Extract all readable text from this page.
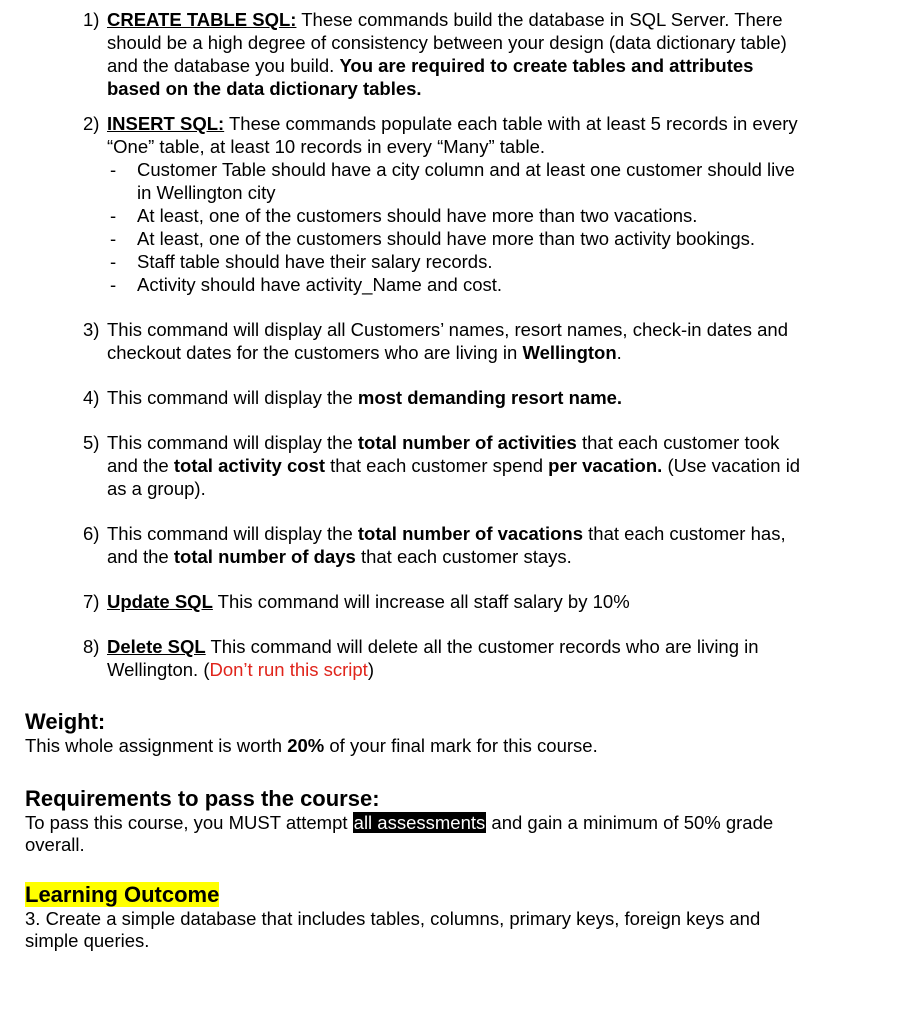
1) CREATE TABLE SQL: These commands build the database in SQL Server. There should be a high degree of consistency between your design (data dictionary table) and the database you build. You are required to create tables and attributes based on the data dictionary tables.
2) INSERT SQL: These commands populate each table with at least 5 records in every “One” table, at least 10 records in every “Many” table.
- Customer Table should have a city column and at least one customer should live in Wellington city
- At least, one of the customers should have more than two vacations.
- At least, one of the customers should have more than two activity bookings.
- Staff table should have their salary records.
- Activity should have activity_Name and cost.
3) This command will display all Customers’ names, resort names, check-in dates and checkout dates for the customers who are living in Wellington.
4) This command will display the most demanding resort name.
5) This command will display the total number of activities that each customer took and the total activity cost that each customer spend per vacation. (Use vacation id as a group).
6) This command will display the total number of vacations that each customer has, and the total number of days that each customer stays.
7) Update SQL This command will increase all staff salary by 10%
8) Delete SQL This command will delete all the customer records who are living in Wellington. (Don’t run this script)
Weight:
This whole assignment is worth 20% of your final mark for this course.
Requirements to pass the course:
To pass this course, you MUST attempt all assessments and gain a minimum of 50% grade overall.
Learning Outcome
3. Create a simple database that includes tables, columns, primary keys, foreign keys and simple queries.
